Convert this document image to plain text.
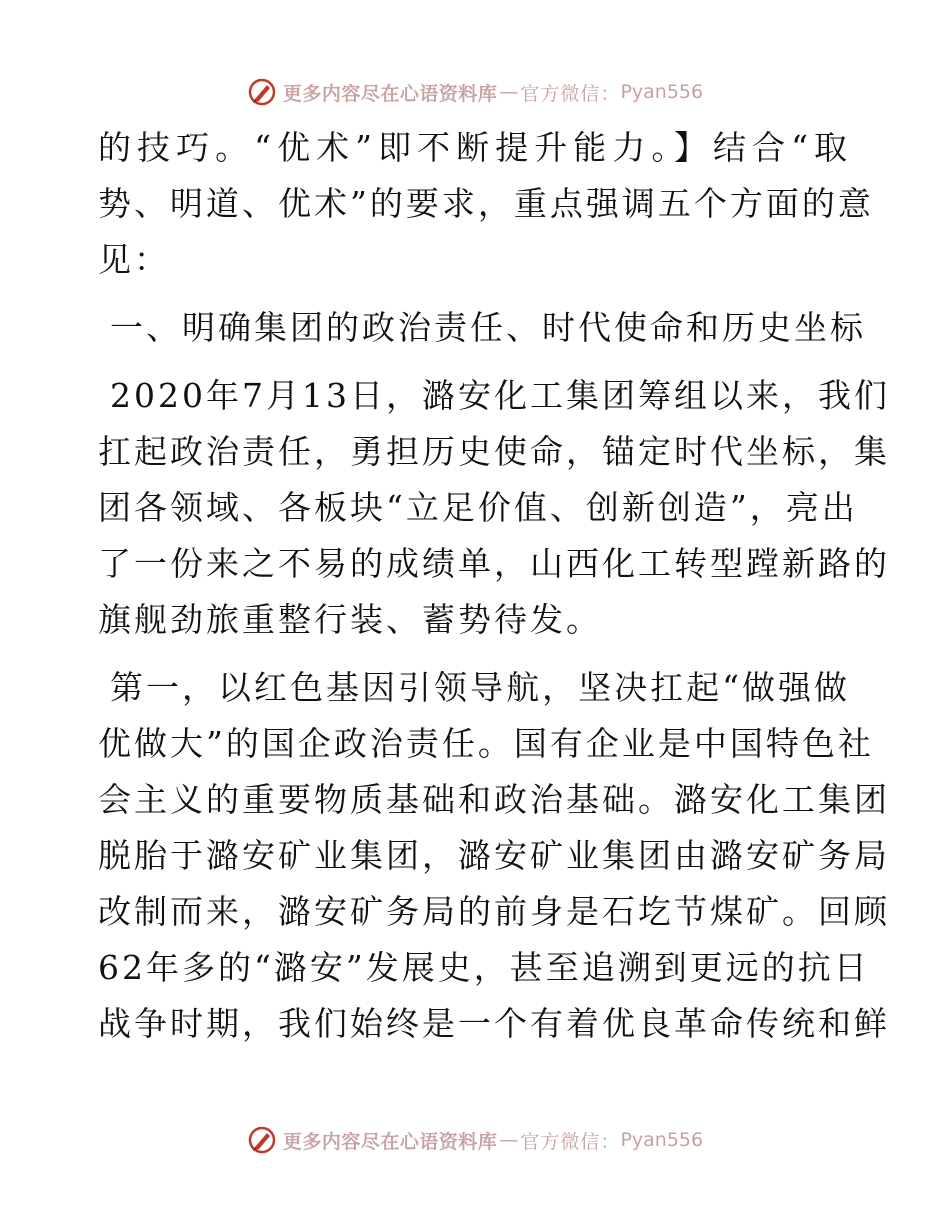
更多内容尽在心语资料库 — 官方微信： Pyan556
的技巧。“优术”即不断提升能力。】结合“取
势、明道、优术”的要求，重点强调五个方面的意
见：
一、明确集团的政治责任、时代使命和历史坐标
2020年7月13日，潞安化工集团筹组以来，我们
扛起政治责任，勇担历史使命，锚定时代坐标，集
团各领域、各板块“立足价值、创新创造”，亮出
了一份来之不易的成绩单，山西化工转型蹚新路的
旗舰劲旅重整行装、蓄势待发。
第一，以红色基因引领导航，坚决扛起“做强做
优做大”的国企政治责任。国有企业是中国特色社
会主义的重要物质基础和政治基础。潞安化工集团
脱胎于潞安矿业集团，潞安矿业集团由潞安矿务局
改制而来，潞安矿务局的前身是石圪节煤矿。回顾
62年多的“潞安”发展史，甚至追溯到更远的抗日
战争时期，我们始终是一个有着优良革命传统和鲜
更多内容尽在心语资料库 — 官方微信： Pyan556
